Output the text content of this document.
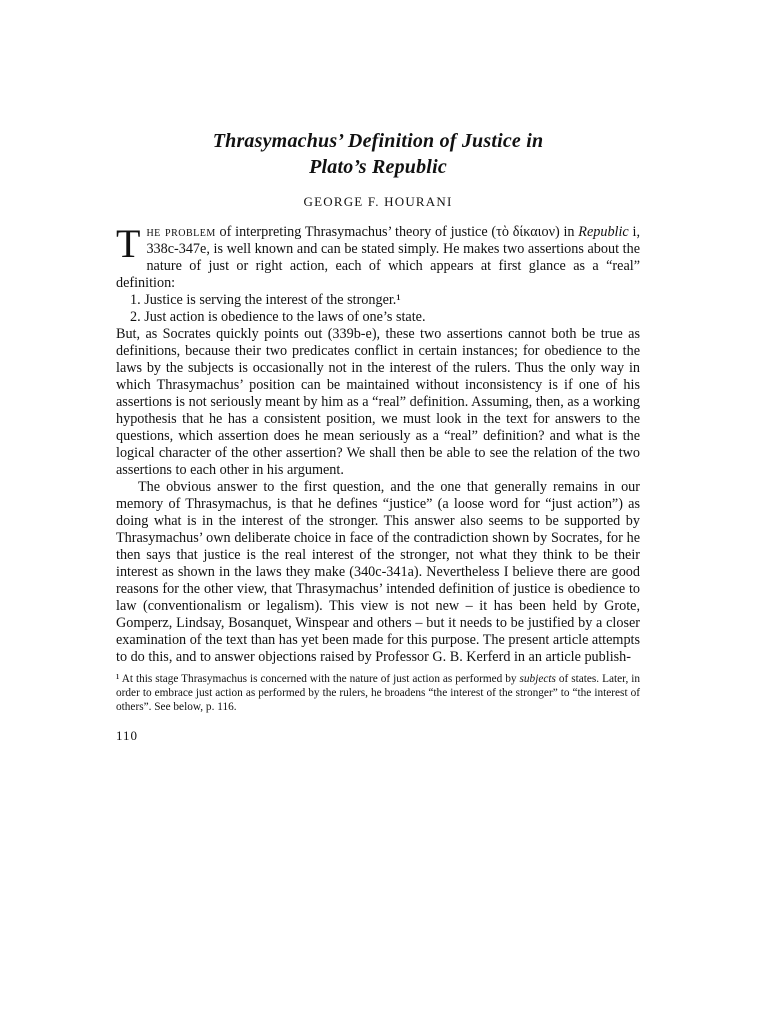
Thrasymachus’ Definition of Justice in
Plato’s Republic
GEORGE F. HOURANI

The problem of interpreting Thrasymachus’ theory of justice (τὸ δίκαιον) in Republic i, 338c-347e, is well known and can be stated simply. He makes two assertions about the nature of just or right action, each of which appears at first glance as a “real” definition:

1. Justice is serving the interest of the stronger.¹

2. Just action is obedience to the laws of one’s state.

But, as Socrates quickly points out (339b-e), these two assertions cannot both be true as definitions, because their two predicates conflict in certain instances; for obedience to the laws by the subjects is occasionally not in the interest of the rulers. Thus the only way in which Thrasymachus’ position can be maintained without inconsistency is if one of his assertions is not seriously meant by him as a “real” definition. Assuming, then, as a working hypothesis that he has a consistent position, we must look in the text for answers to the questions, which assertion does he mean seriously as a “real” definition? and what is the logical character of the other assertion? We shall then be able to see the relation of the two assertions to each other in his argument.

The obvious answer to the first question, and the one that generally remains in our memory of Thrasymachus, is that he defines “justice” (a loose word for “just action”) as doing what is in the interest of the stronger. This answer also seems to be supported by Thrasymachus’ own deliberate choice in face of the contradiction shown by Socrates, for he then says that justice is the real interest of the stronger, not what they think to be their interest as shown in the laws they make (340c-341a). Nevertheless I believe there are good reasons for the other view, that Thrasymachus’ intended definition of justice is obedience to law (conventionalism or legalism). This view is not new – it has been held by Grote, Gomperz, Lindsay, Bosanquet, Winspear and others – but it needs to be justified by a closer examination of the text than has yet been made for this purpose. The present article attempts to do this, and to answer objections raised by Professor G. B. Kerferd in an article publish-

¹ At this stage Thrasymachus is concerned with the nature of just action as performed by subjects of states. Later, in order to embrace just action as performed by the rulers, he broadens “the interest of the stronger” to “the interest of others”. See below, p. 116.
110
